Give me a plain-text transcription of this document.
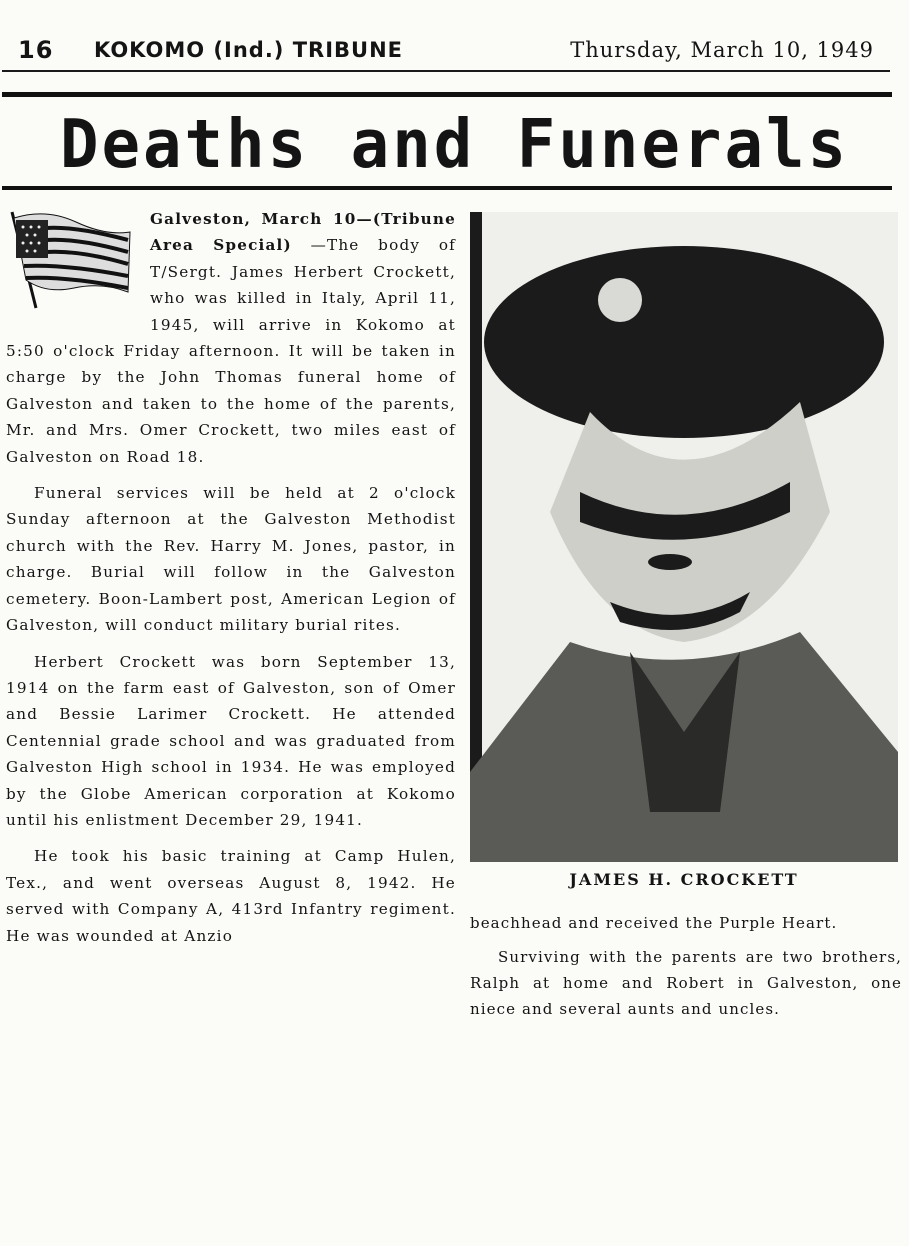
16 KOKOMO (Ind.) TRIBUNE	Thursday, March 10, 1949
Deaths and Funerals

Galveston, March 10—(Tribune Area Special) —The body of T/Sergt. James Herbert Crockett, who was killed in Italy, April 11, 1945, will arrive in Kokomo at 5:50 o'clock Friday afternoon. It will be taken in charge by the John Thomas funeral home of Galveston and taken to the home of the parents, Mr. and Mrs. Omer Crockett, two miles east of Galveston on Road 18.

Funeral services will be held at 2 o'clock Sunday afternoon at the Galveston Methodist church with the Rev. Harry M. Jones, pastor, in charge. Burial will follow in the Galveston cemetery. Boon-Lambert post, American Legion of Galveston, will conduct military burial rites.

Herbert Crockett was born September 13, 1914 on the farm east of Galveston, son of Omer and Bessie Larimer Crockett. He attended Centennial grade school and was graduated from Galveston High school in 1934. He was employed by the Globe American corporation at Kokomo until his enlistment December 29, 1941.

He took his basic training at Camp Hulen, Tex., and went overseas August 8, 1942. He served with Company A, 413rd Infantry regiment. He was wounded at Anzio

JAMES H. CROCKETT

beachhead and received the Purple Heart.

Surviving with the parents are two brothers, Ralph at home and Robert in Galveston, one niece and several aunts and uncles.
